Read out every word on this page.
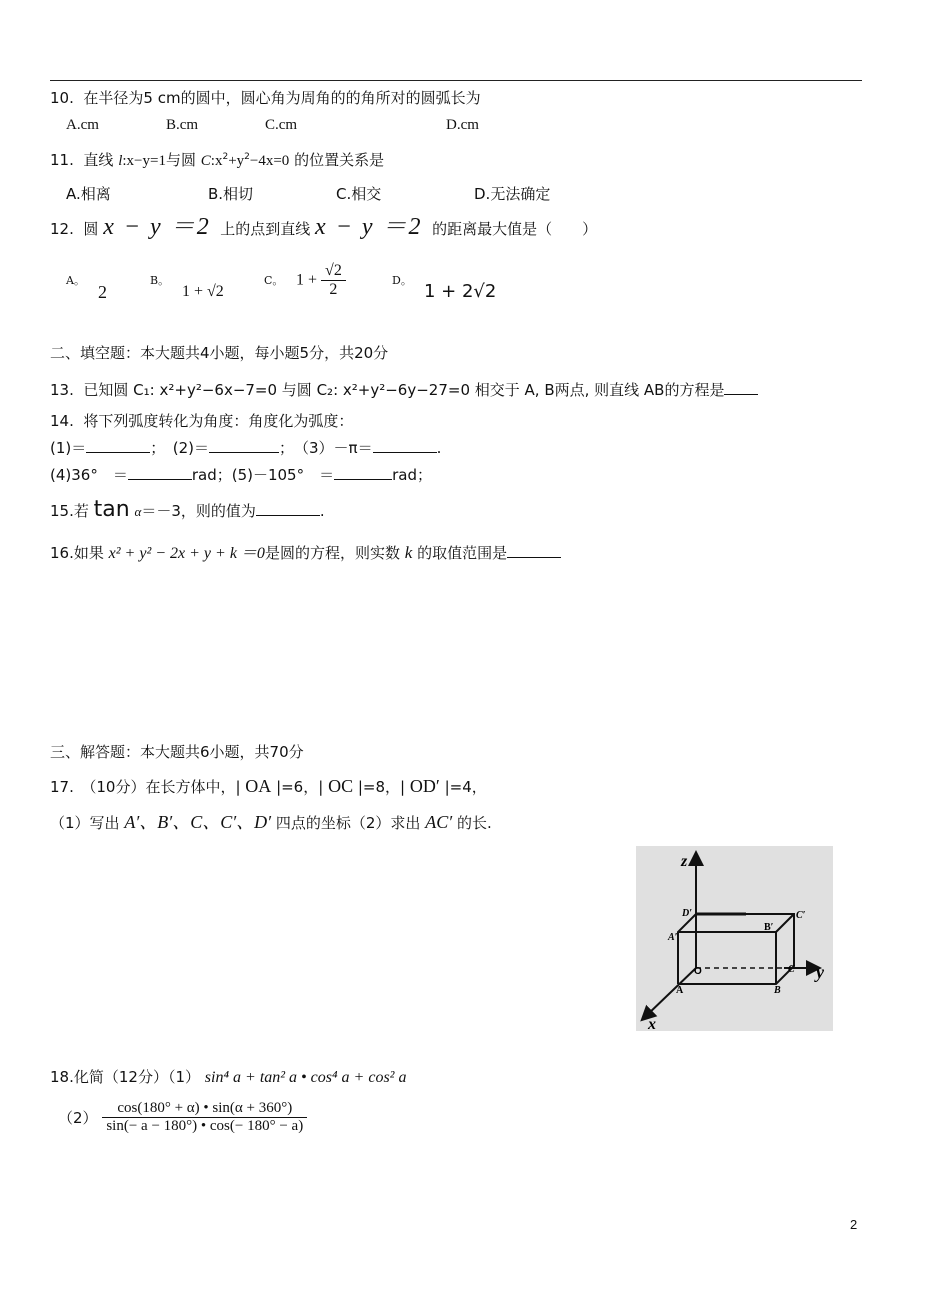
10. 在半径为5 cm的圆中，圆心角为周角的的角所对的圆弧长为
A.cm	B.cm	C.cm	D.cm
11. 直线 l:x−y=1与圆 $C:x^2+y^2-4x=0$ 的位置关系是
A.相离	B.相切	C.相交	D.无法确定
12. 圆 x − y ＝2 上的点到直线 x − y ＝2 的距离最大值是（　　）
A。
2
B。
1 + √2
C。 $1 + \frac{√2}{2}$	D。
1 + 2√2
二、填空题：本大题共4小题，每小题5分，共20分
13. 已知圆 C₁: x²+y²−6x−7=0 与圆 C₂: x²+y²−6y−27=0 相交于 A, B两点, 则直线 AB的方程是
14. 将下列弧度转化为角度：角度化为弧度：
(1)＝	；　(2)＝	；　（3）－π＝	.
(4)36°　＝	rad；(5)－105°　＝	rad；
15.若 tan α＝－3，则的值为	.
16.如果 x² + y² − 2x + y + k ＝0是圆的方程，则实数 k 的取值范围是
三、解答题：本大题共6小题，共70分
17.　（10分）在长方体中，| OA |=6，| OC |=8，| OD′ |=4，
（1）写出 A′、B′、C、C′、D′ 四点的坐标（2）求出 AC′ 的长.
z
y
x
O
A	B
C
A′
B′
C′
D′
18.化简（12分）（1） sin⁴ a + tan² a • cos⁴ a + cos² a
$(2) \frac{\cos(180^\circ + \alpha) • \sin(\alpha + 360^\circ)}{\sin(- a - 180^\circ) • \cos(- 180^\circ - a)}$
2
